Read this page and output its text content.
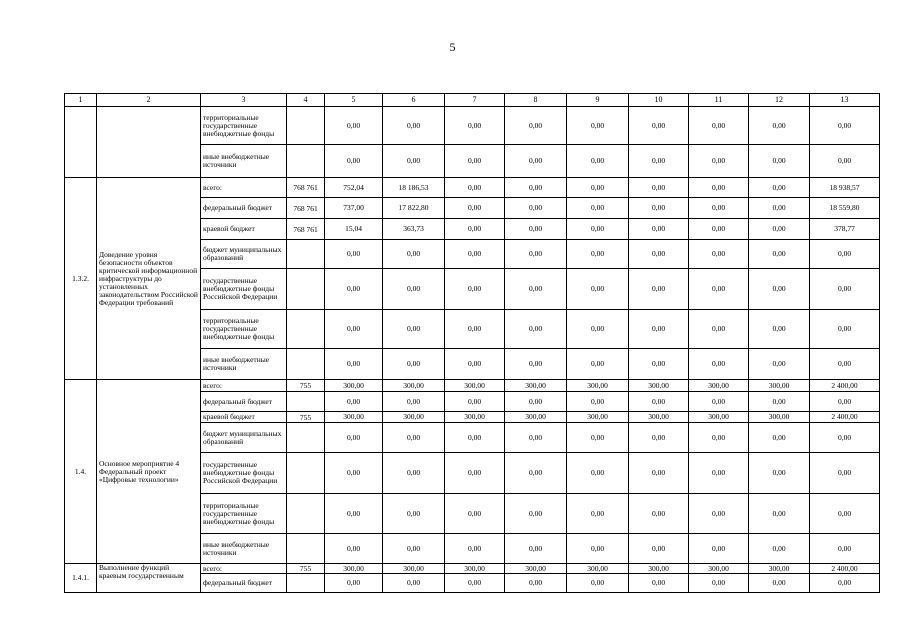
5
1	2	3	4	5	6	7	8	9	10	11	12	13
		территориальные государственные внебюджетные фонды		0,00	0,00	0,00	0,00	0,00	0,00	0,00	0,00	0,00
		иные внебюджетные источники		0,00	0,00	0,00	0,00	0,00	0,00	0,00	0,00	0,00
1.3.2.	Доведение уровня безопасности объектов критической информационной инфраструктуры до установленных законодательством Российской Федерации требований	всего:	768 761	752,04	18 186,53	0,00	0,00	0,00	0,00	0,00	0,00	18 938,57
		федеральный бюджет	768 761	737,00	17 822,80	0,00	0,00	0,00	0,00	0,00	0,00	18 559,80
		краевой бюджет	768 761	15,04	363,73	0,00	0,00	0,00	0,00	0,00	0,00	378,77
		бюджет муниципальных образований		0,00	0,00	0,00	0,00	0,00	0,00	0,00	0,00	0,00
		государственные внебюджетные фонды Российской Федерации		0,00	0,00	0,00	0,00	0,00	0,00	0,00	0,00	0,00
		территориальные государственные внебюджетные фонды		0,00	0,00	0,00	0,00	0,00	0,00	0,00	0,00	0,00
		иные внебюджетные источники		0,00	0,00	0,00	0,00	0,00	0,00	0,00	0,00	0,00
1.4.	Основное мероприятие 4 Федеральный проект «Цифровые технологии»	всего:	755	300,00	300,00	300,00	300,00	300,00	300,00	300,00	300,00	2 400,00
		федеральный бюджет		0,00	0,00	0,00	0,00	0,00	0,00	0,00	0,00	0,00
		краевой бюджет	755	300,00	300,00	300,00	300,00	300,00	300,00	300,00	300,00	2 400,00
		бюджет муниципальных образований		0,00	0,00	0,00	0,00	0,00	0,00	0,00	0,00	0,00
		государственные внебюджетные фонды Российской Федерации		0,00	0,00	0,00	0,00	0,00	0,00	0,00	0,00	0,00
		территориальные государственные внебюджетные фонды		0,00	0,00	0,00	0,00	0,00	0,00	0,00	0,00	0,00
		иные внебюджетные источники		0,00	0,00	0,00	0,00	0,00	0,00	0,00	0,00	0,00
1.4.1.	Выполнение функций краевым государственным	всего:	755	300,00	300,00	300,00	300,00	300,00	300,00	300,00	300,00	2 400,00
		федеральный бюджет		0,00	0,00	0,00	0,00	0,00	0,00	0,00	0,00	0,00
